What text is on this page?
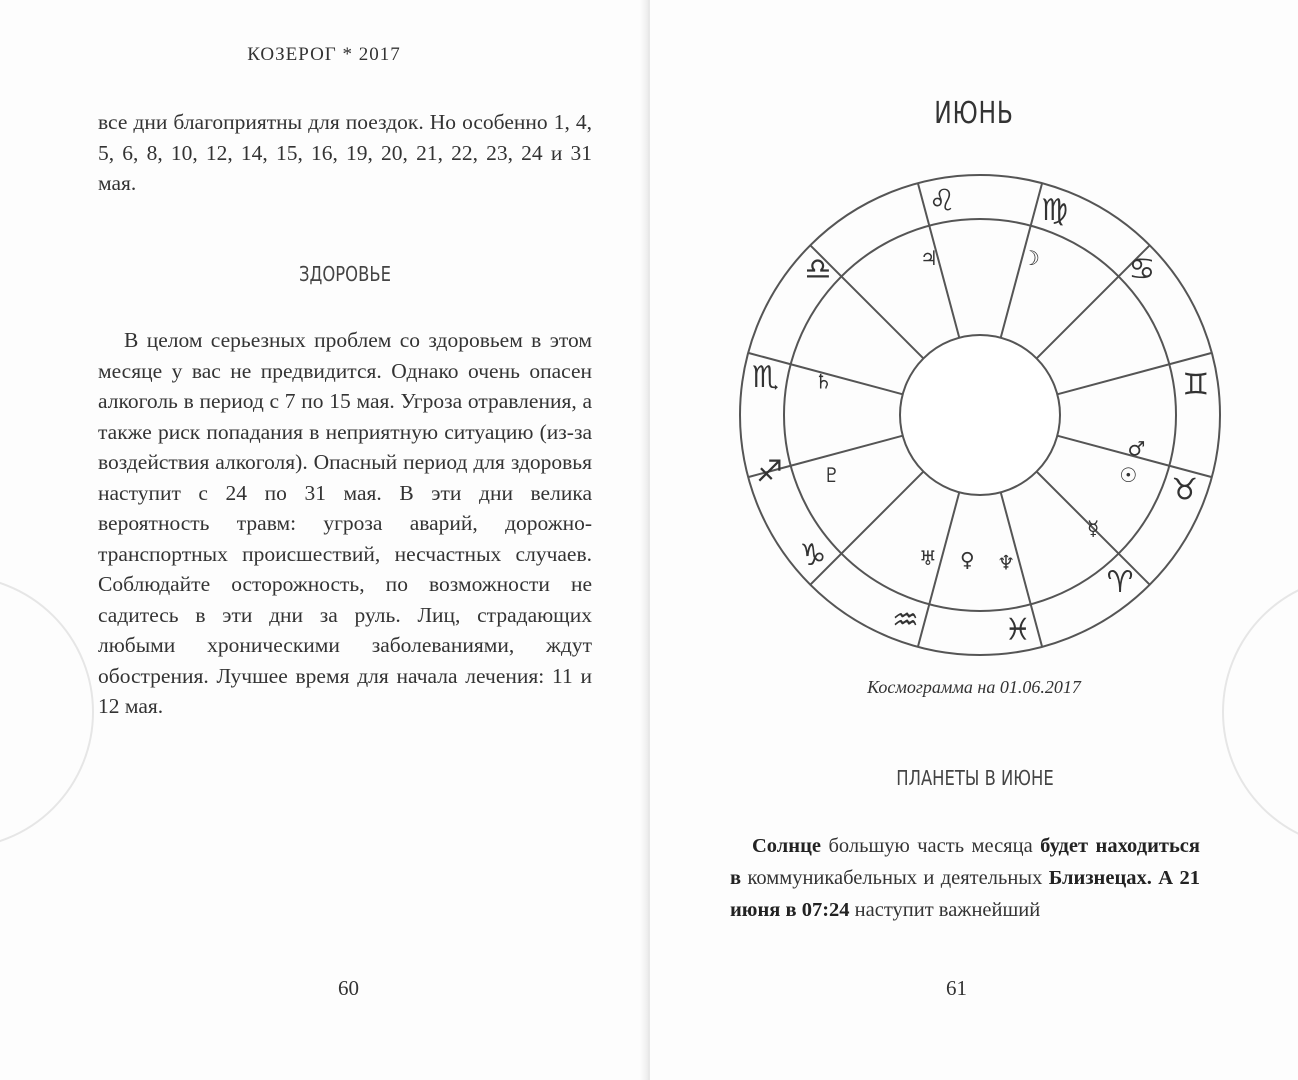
КОЗЕРОГ * 2017

все дни благоприятны для поездок. Но особенно 1, 4, 5, 6, 8, 10, 12, 14, 15, 16, 19, 20, 21, 22, 23, 24 и 31 мая.

ЗДОРОВЬЕ

В целом серьезных проблем со здоровьем в этом месяце у вас не предвидится. Однако очень опасен алкоголь в период с 7 по 15 мая. Угроза отравления, а также риск попадания в неприятную ситуацию (из-за воздействия алкоголя). Опасный период для здоровья наступит с 24 по 31 мая. В эти дни велика вероятность травм: угроза аварий, дорожно-транспортных происшествий, несчастных случаев. Соблюдайте осторожность, по возможности не садитесь в эти дни за руль. Лиц, страдающих любыми хроническими заболеваниями, ждут обострения. Лучшее время для начала лечения: 11 и 12 мая.

60
ИЮНЬ
♌	♍
♎
♏
♐
♑
♒	♓
♈
♉
♊
♋
♃	☽
♄
♂
☉
♇
☿
♆
♀
♅
Космограмма на 01.06.2017
ПЛАНЕТЫ В ИЮНЕ
Солнце большую часть месяца будет находиться в коммуникабельных и деятельных Близнецах. А 21 июня в 07:24 наступит важнейший
61
